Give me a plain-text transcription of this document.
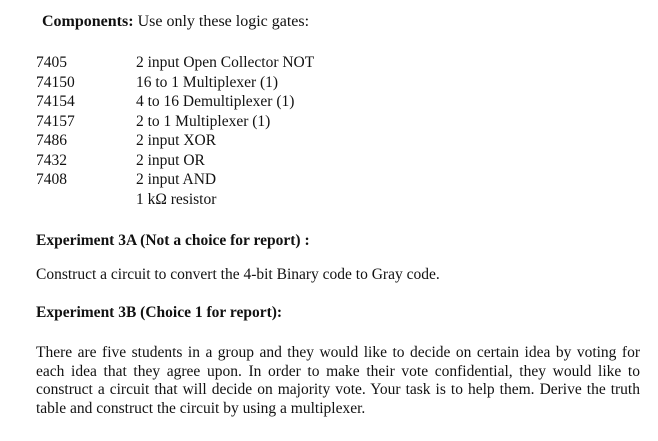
Components: Use only these logic gates:
7405	2 input Open Collector NOT
74150	16 to 1 Multiplexer (1)
74154	4 to 16 Demultiplexer (1)
74157	2 to 1 Multiplexer (1)
7486	2 input XOR
7432	2 input OR
7408	2 input AND
1 kΩ resistor
Experiment 3A (Not a choice for report) :
Construct a circuit to convert the 4-bit Binary code to Gray code.
Experiment 3B (Choice 1 for report):
There are five students in a group and they would like to decide on certain idea by voting for each idea that they agree upon. In order to make their vote confidential, they would like to construct a circuit that will decide on majority vote. Your task is to help them. Derive the truth table and construct the circuit by using a multiplexer.
